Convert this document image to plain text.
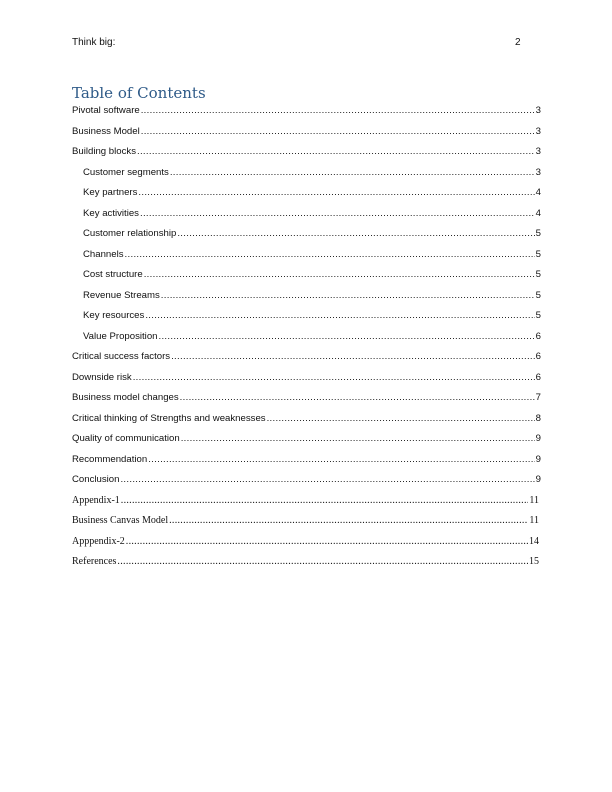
Think big:	2
Table of Contents
Pivotal software .....	3
Business Model .....	3
Building blocks .....	3
Customer segments .....	3
Key partners .....	4
Key activities .....	4
Customer relationship .....	5
Channels .....	5
Cost structure .....	5
Revenue Streams .....	5
Key resources .....	5
Value Proposition .....	6
Critical success factors .....	6
Downside risk .....	6
Business model changes .....	7
Critical thinking of Strengths and weaknesses .....	8
Quality of communication .....	9
Recommendation .....	9
Conclusion .....	9
Appendix-1 .....	11
Business Canvas Model .....	11
Apppendix-2 .....	14
References .....	15
